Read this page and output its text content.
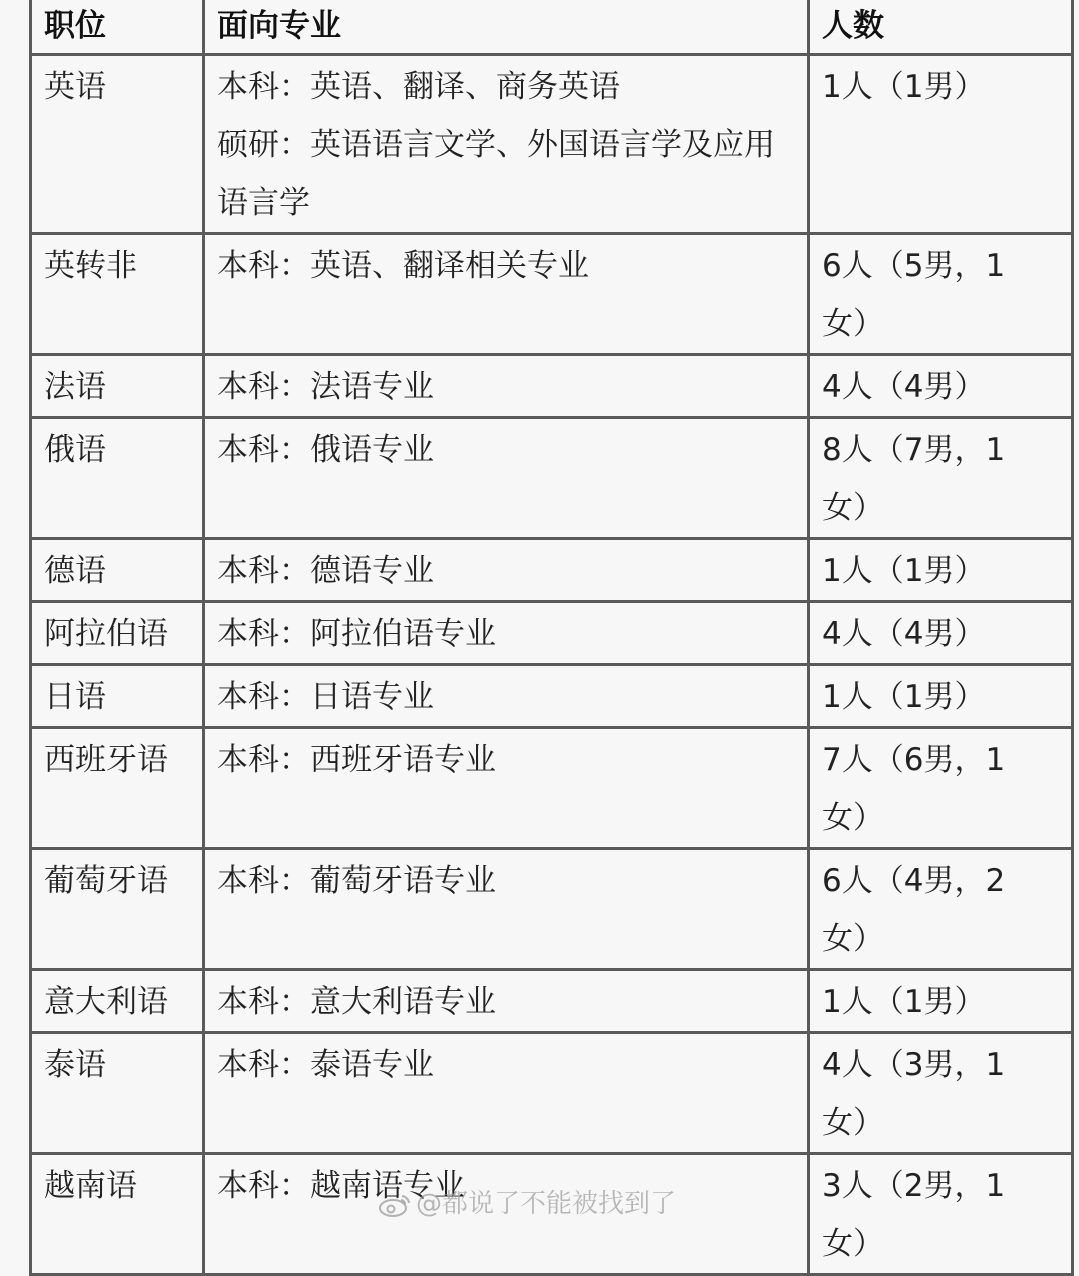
职位	面向专业	人数
英语	本科：英语、翻译、商务英语
硕研：英语语言文学、外国语言学及应用
语言学	1人（1男）

英转非	本科：英语、翻译相关专业	6人（5男，1
女）

法语	本科：法语专业	4人（4男）

俄语	本科：俄语专业	8人（7男，1
女）

德语	本科：德语专业	1人（1男）

阿拉伯语	本科：阿拉伯语专业	4人（4男）

日语	本科：日语专业	1人（1男）

西班牙语	本科：西班牙语专业	7人（6男，1
女）

葡萄牙语	本科：葡萄牙语专业	6人（4男，2
女）

意大利语	本科：意大利语专业	1人（1男）

泰语	本科：泰语专业	4人（3男，1
女）

越南语	本科：越南语专业	3人（2男，1
女）
@都说了不能被找到了
